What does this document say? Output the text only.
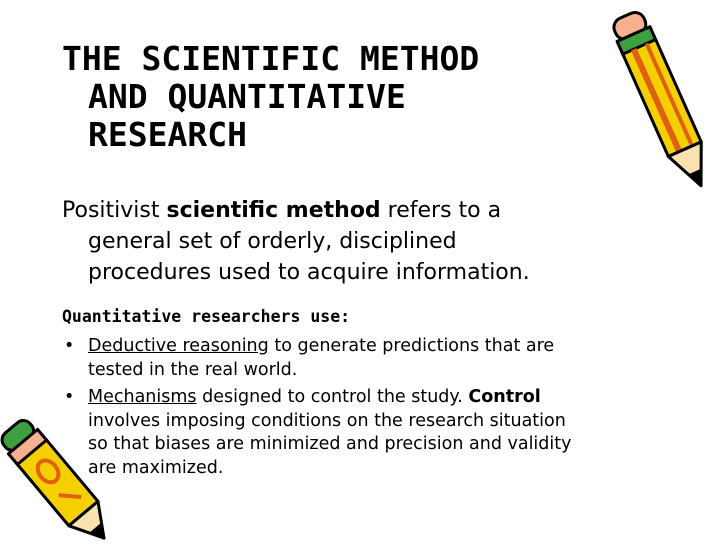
THE SCIENTIFIC METHOD
AND QUANTITATIVE
RESEARCH
Positivist scientific method refers to a
general set of orderly, disciplined
procedures used to acquire information.
Quantitative researchers use:
• Deductive reasoning to generate predictions that are
tested in the real world.
• Mechanisms designed to control the study. Control
involves imposing conditions on the research situation
so that biases are minimized and precision and validity
are maximized.
